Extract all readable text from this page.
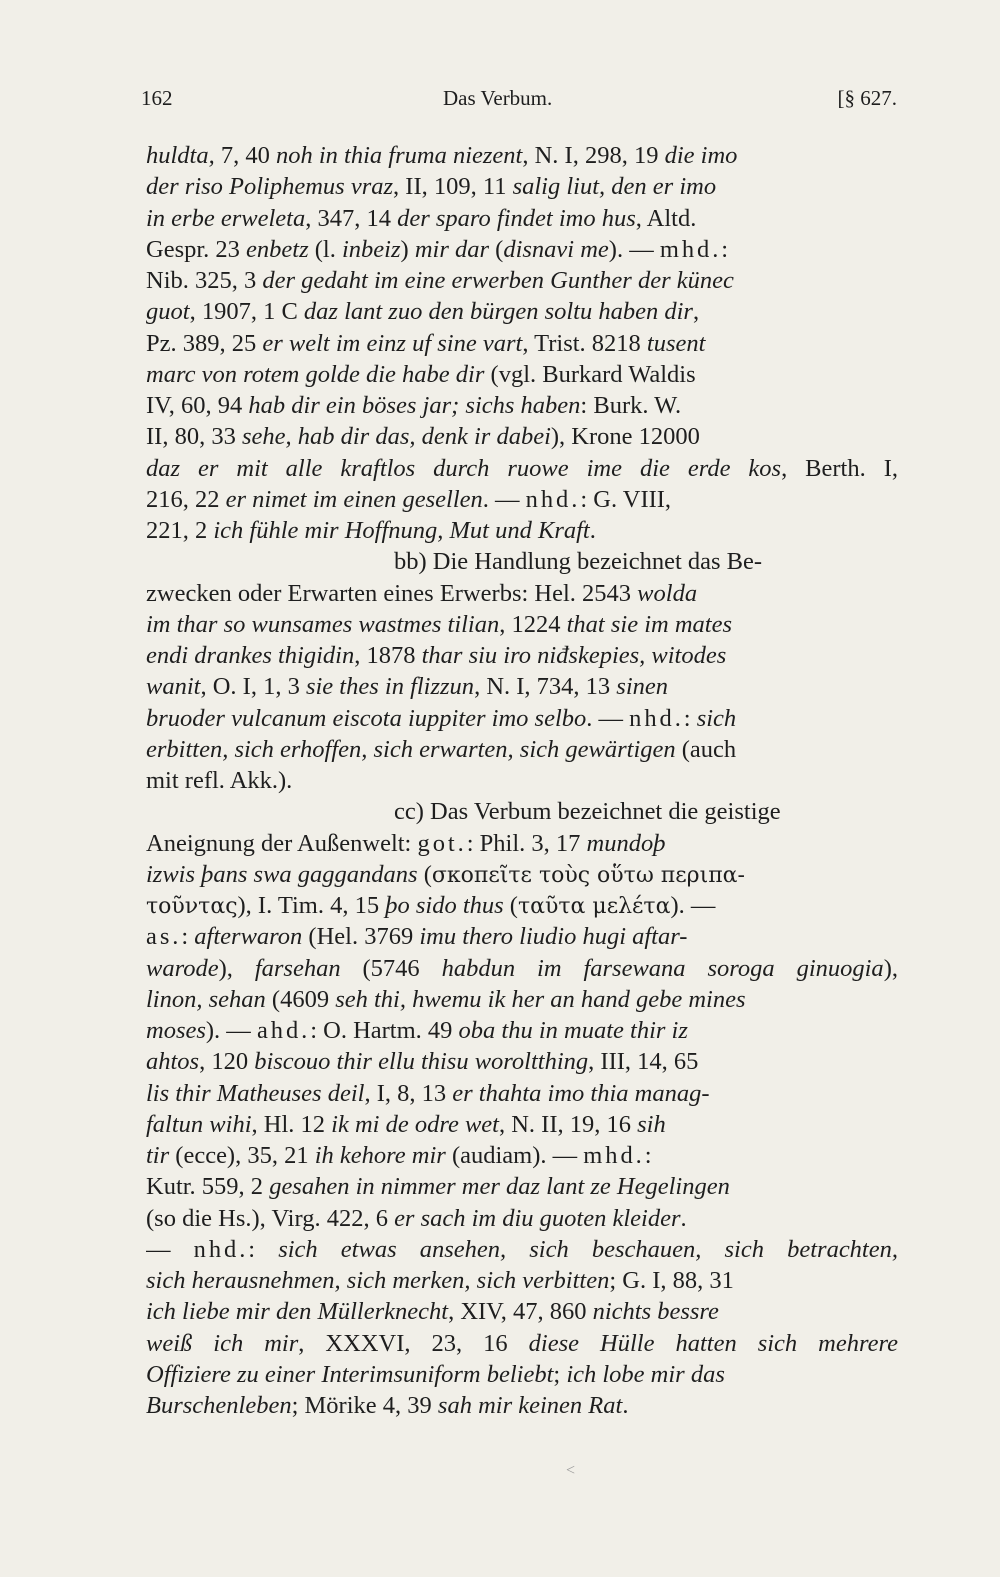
162	Das Verbum.	[§ 627.
huldta, 7, 40 noh in thia fruma niezent, N. I, 298, 19 die imo
der riso Poliphemus vraz, II, 109, 11 salig liut, den er imo
in erbe erweleta, 347, 14 der sparo findet imo hus, Altd.
Gespr. 23 enbetz (l. inbeiz) mir dar (disnavi me). — mhd.:
Nib. 325, 3 der gedaht im eine erwerben Gunther der künec
guot, 1907, 1 C daz lant zuo den bürgen soltu haben dir,
Pz. 389, 25 er welt im einz uf sine vart, Trist. 8218 tusent
marc von rotem golde die habe dir (vgl. Burkard Waldis
IV, 60, 94 hab dir ein böses jar; sichs haben: Burk. W.
II, 80, 33 sehe, hab dir das, denk ir dabei), Krone 12000
daz er mit alle kraftlos durch ruowe ime die erde kos, Berth. I,
216, 22 er nimet im einen gesellen. — nhd.: G. VIII,
221, 2 ich fühle mir Hoffnung, Mut und Kraft.
bb) Die Handlung bezeichnet das Be-
zwecken oder Erwarten eines Erwerbs: Hel. 2543 wolda
im thar so wunsames wastmes tilian, 1224 that sie im mates
endi drankes thigidin, 1878 thar siu iro niđskepies, witodes
wanit, O. I, 1, 3 sie thes in flizzun, N. I, 734, 13 sinen
bruoder vulcanum eiscota iuppiter imo selbo. — nhd.: sich
erbitten, sich erhoffen, sich erwarten, sich gewärtigen (auch
mit refl. Akk.).
cc) Das Verbum bezeichnet die geistige
Aneignung der Außenwelt: got.: Phil. 3, 17 mundoþ
izwis þans swa gaggandans (σκοπεῖτε τοὺς οὕτω περιπα-
τοῦντας), I. Tim. 4, 15 þo sido thus (ταῦτα μελέτα). —
as.: afterwaron (Hel. 3769 imu thero liudio hugi aftar-
warode), farsehan (5746 habdun im farsewana soroga ginuogia),
linon, sehan (4609 seh thi, hwemu ik her an hand gebe mines
moses). — ahd.: O. Hartm. 49 oba thu in muate thir iz
ahtos, 120 biscouo thir ellu thisu woroltthing, III, 14, 65
lis thir Matheuses deil, I, 8, 13 er thahta imo thia manag-
faltun wihi, Hl. 12 ik mi de odre wet, N. II, 19, 16 sih
tir (ecce), 35, 21 ih kehore mir (audiam). — mhd.:
Kutr. 559, 2 gesahen in nimmer mer daz lant ze Hegelingen
(so die Hs.), Virg. 422, 6 er sach im diu guoten kleider.
— nhd.: sich etwas ansehen, sich beschauen, sich betrachten,
sich herausnehmen, sich merken, sich verbitten; G. I, 88, 31
ich liebe mir den Müllerknecht, XIV, 47, 860 nichts bessre
weiß ich mir, XXXVI, 23, 16 diese Hülle hatten sich mehrere
Offiziere zu einer Interimsuniform beliebt; ich lobe mir das
Burschenleben; Mörike 4, 39 sah mir keinen Rat.
<
